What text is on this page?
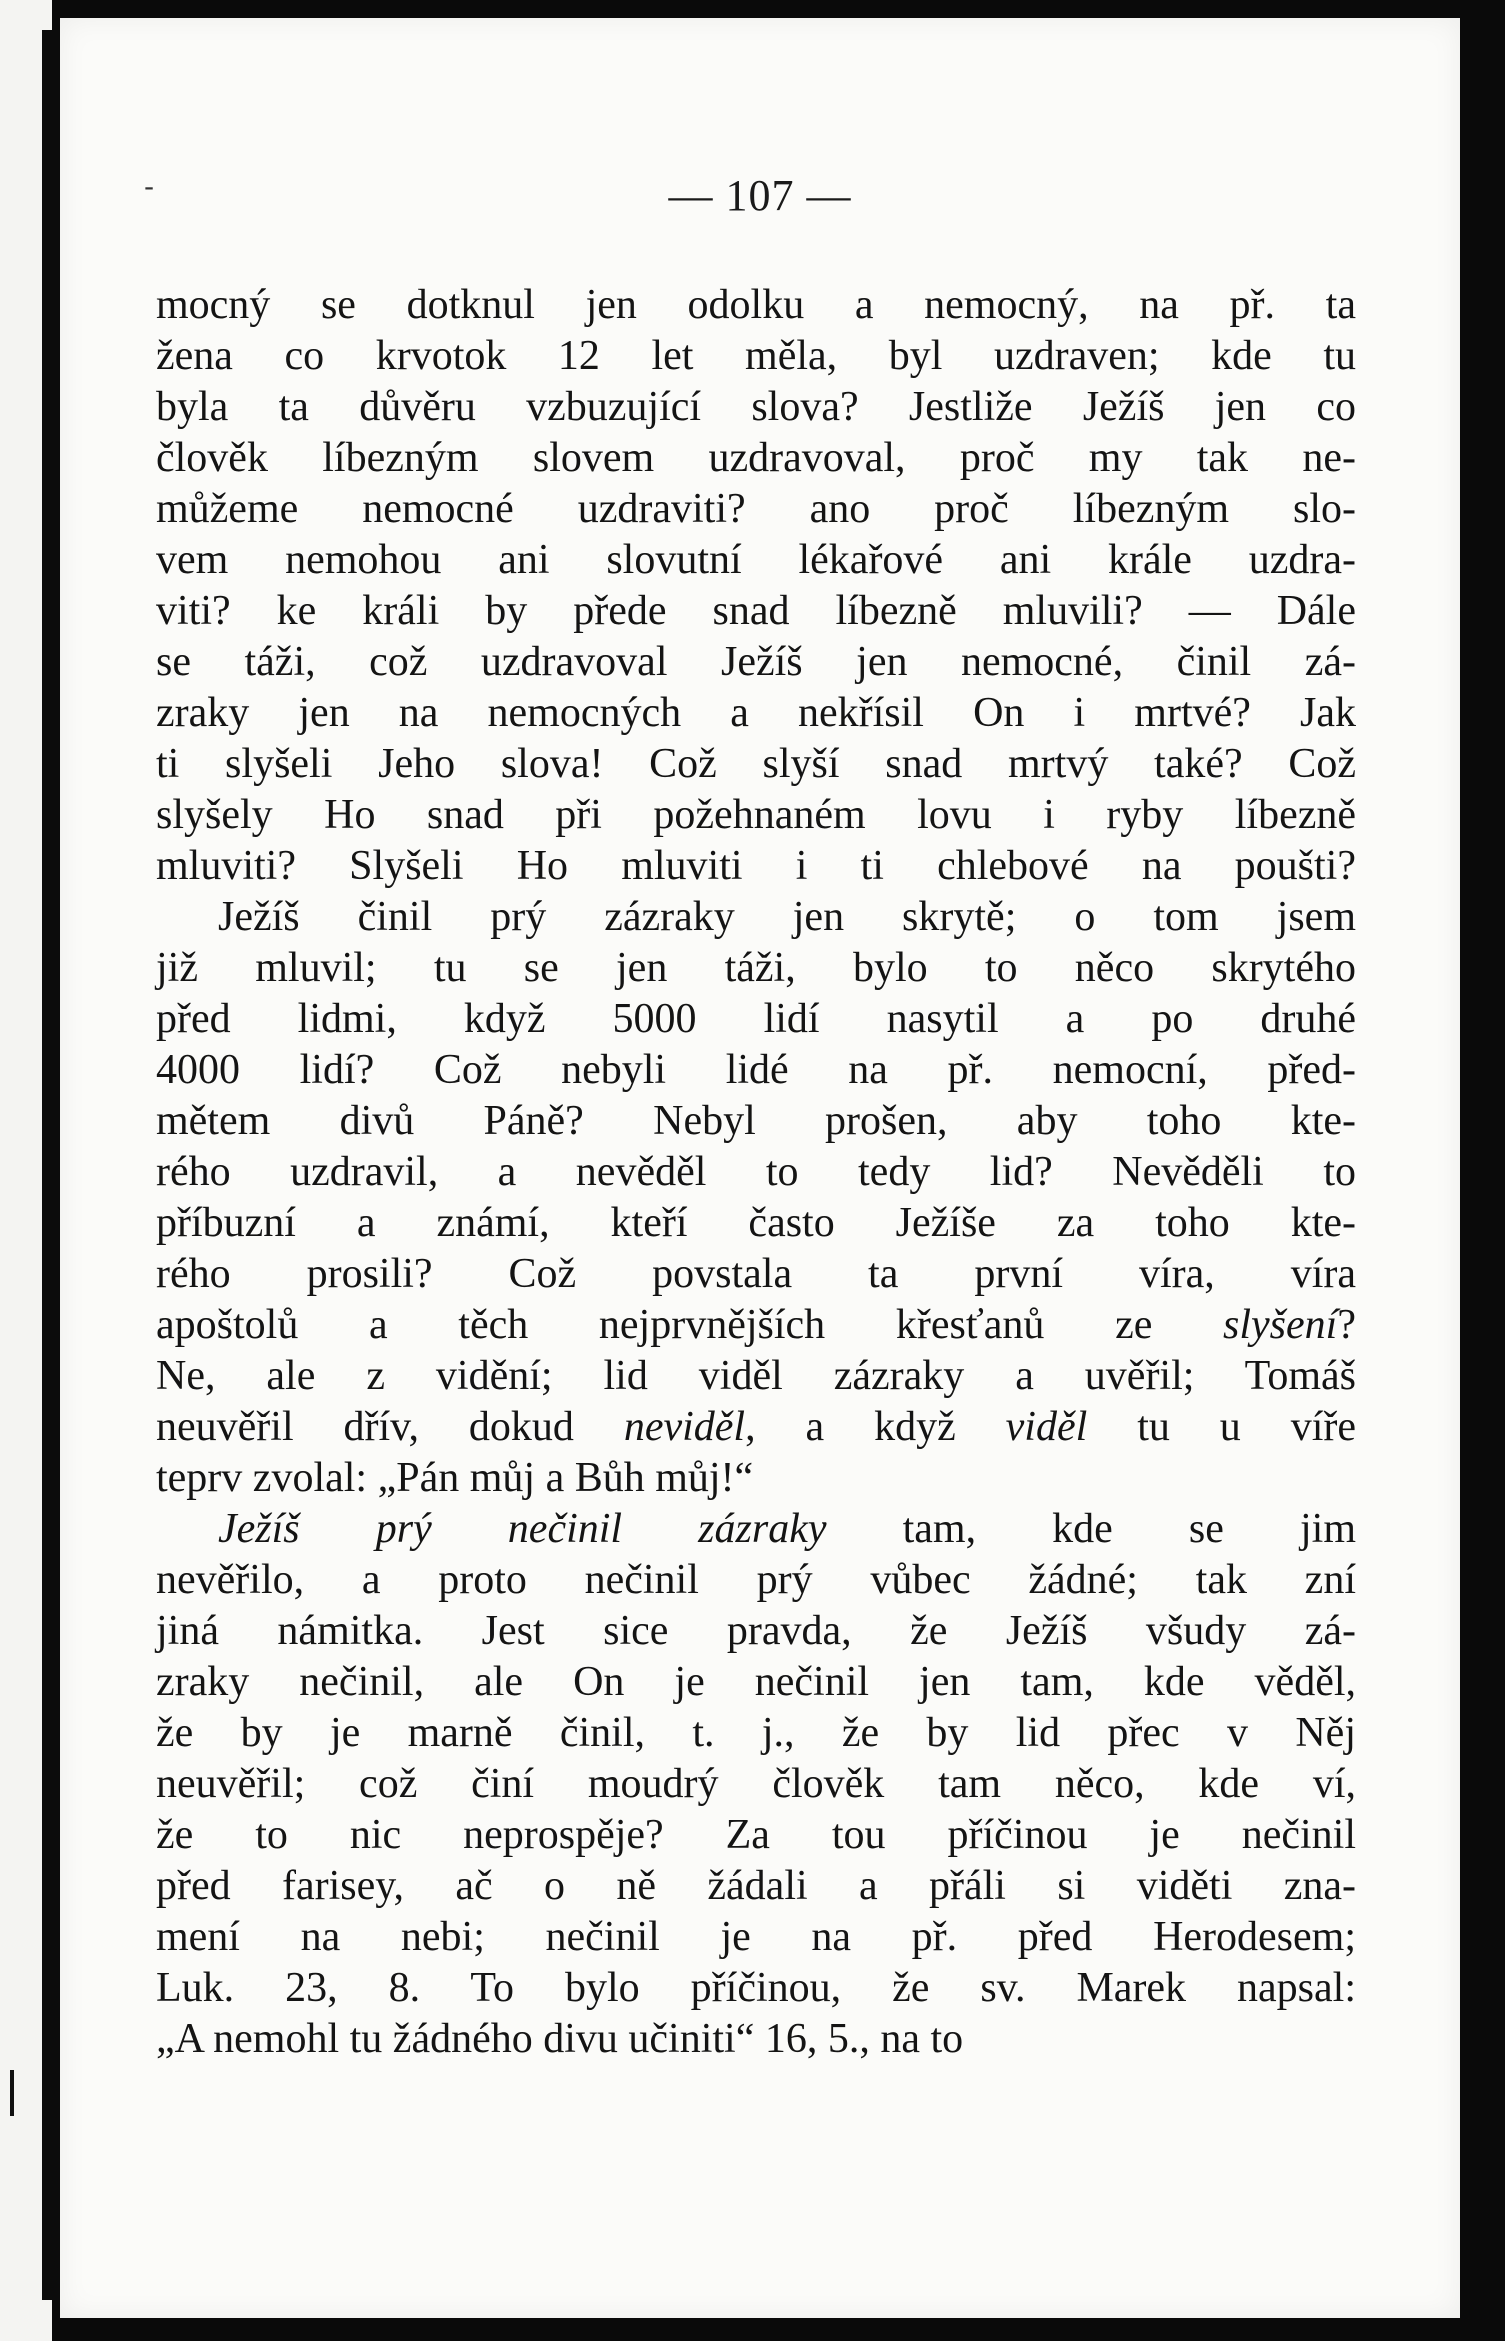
-	— 107 —
mocný se dotknul jen odolku a nemocný, na př. ta
žena co krvotok 12 let měla, byl uzdraven; kde tu
byla ta důvěru vzbuzující slova? Jestliže Ježíš jen co
člověk líbezným slovem uzdravoval, proč my tak ne-
můžeme nemocné uzdraviti? ano proč líbezným slo-
vem nemohou ani slovutní lékařové ani krále uzdra-
viti? ke králi by přede snad líbezně mluvili? — Dále
se táži, což uzdravoval Ježíš jen nemocné, činil zá-
zraky jen na nemocných a nekřísil On i mrtvé? Jak
ti slyšeli Jeho slova! Což slyší snad mrtvý také? Což
slyšely Ho snad při požehnaném lovu i ryby líbezně
mluviti? Slyšeli Ho mluviti i ti chlebové na poušti?
Ježíš činil prý zázraky jen skrytě; o tom jsem
již mluvil; tu se jen táži, bylo to něco skrytého
před lidmi, když 5000 lidí nasytil a po druhé
4000 lidí? Což nebyli lidé na př. nemocní, před-
mětem divů Páně? Nebyl prošen, aby toho kte-
rého uzdravil, a nevěděl to tedy lid? Nevěděli to
příbuzní a známí, kteří často Ježíše za toho kte-
rého prosili? Což povstala ta první víra, víra
apoštolů a těch nejprvnějších křesťanů ze slyšení?
Ne, ale z vidění; lid viděl zázraky a uvěřil; Tomáš
neuvěřil dřív, dokud neviděl, a když viděl tu u víře
teprv zvolal: „Pán můj a Bůh můj!“
Ježíš prý nečinil zázraky tam, kde se jim
nevěřilo, a proto nečinil prý vůbec žádné; tak zní
jiná námitka. Jest sice pravda, že Ježíš všudy zá-
zraky nečinil, ale On je nečinil jen tam, kde věděl,
že by je marně činil, t. j., že by lid přec v Něj
neuvěřil; což činí moudrý člověk tam něco, kde ví,
že to nic neprospěje? Za tou příčinou je nečinil
před farisey, ač o ně žádali a přáli si viděti zna-
mení na nebi; nečinil je na př. před Herodesem;
Luk. 23, 8. To bylo příčinou, že sv. Marek napsal:
„A nemohl tu žádného divu učiniti“ 16, 5., na to
